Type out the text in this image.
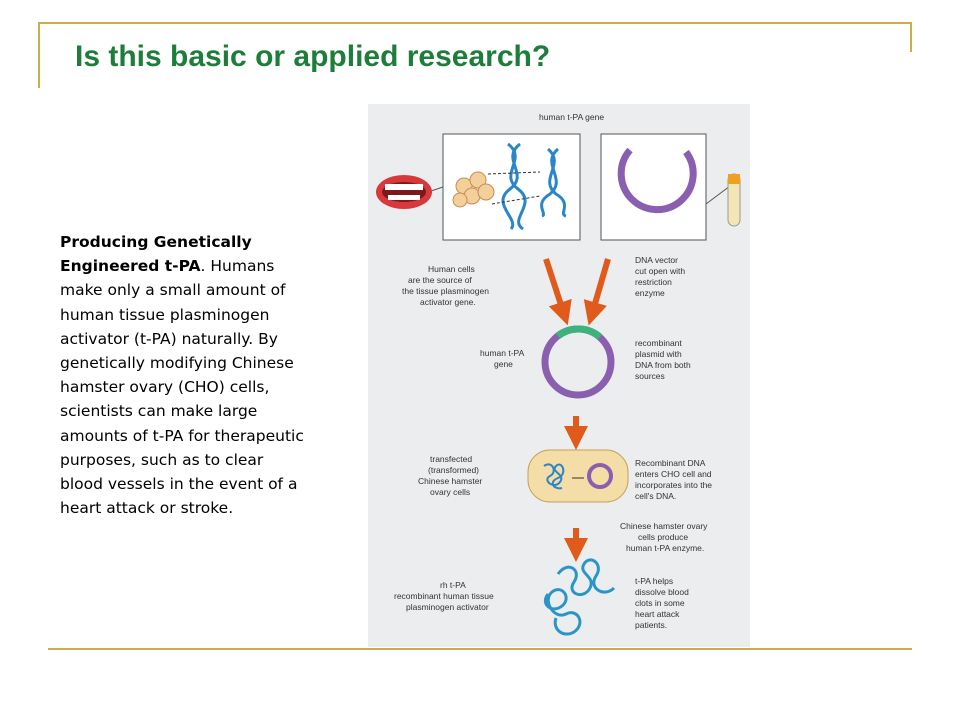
Is this basic or applied research?
Producing Genetically Engineered t-PA. Humans make only a small amount of human tissue plasminogen activator (t-PA) naturally. By genetically modifying Chinese hamster ovary (CHO) cells, scientists can make large amounts of t-PA for therapeutic purposes, such as to clear blood vessels in the event of a heart attack or stroke.
human t-PA gene
Human cells are the source of the tissue plasminogen activator gene.
DNA vector cut open with restriction enzyme
human t-PA gene
recombinant plasmid with DNA from both sources
transfected (transformed) Chinese hamster ovary cells
Recombinant DNA enters CHO cell and incorporates into the cell's DNA.
Chinese hamster ovary cells produce human t-PA enzyme.
rh t-PA recombinant human tissue plasminogen activator
t-PA helps dissolve blood clots in some heart attack patients.
